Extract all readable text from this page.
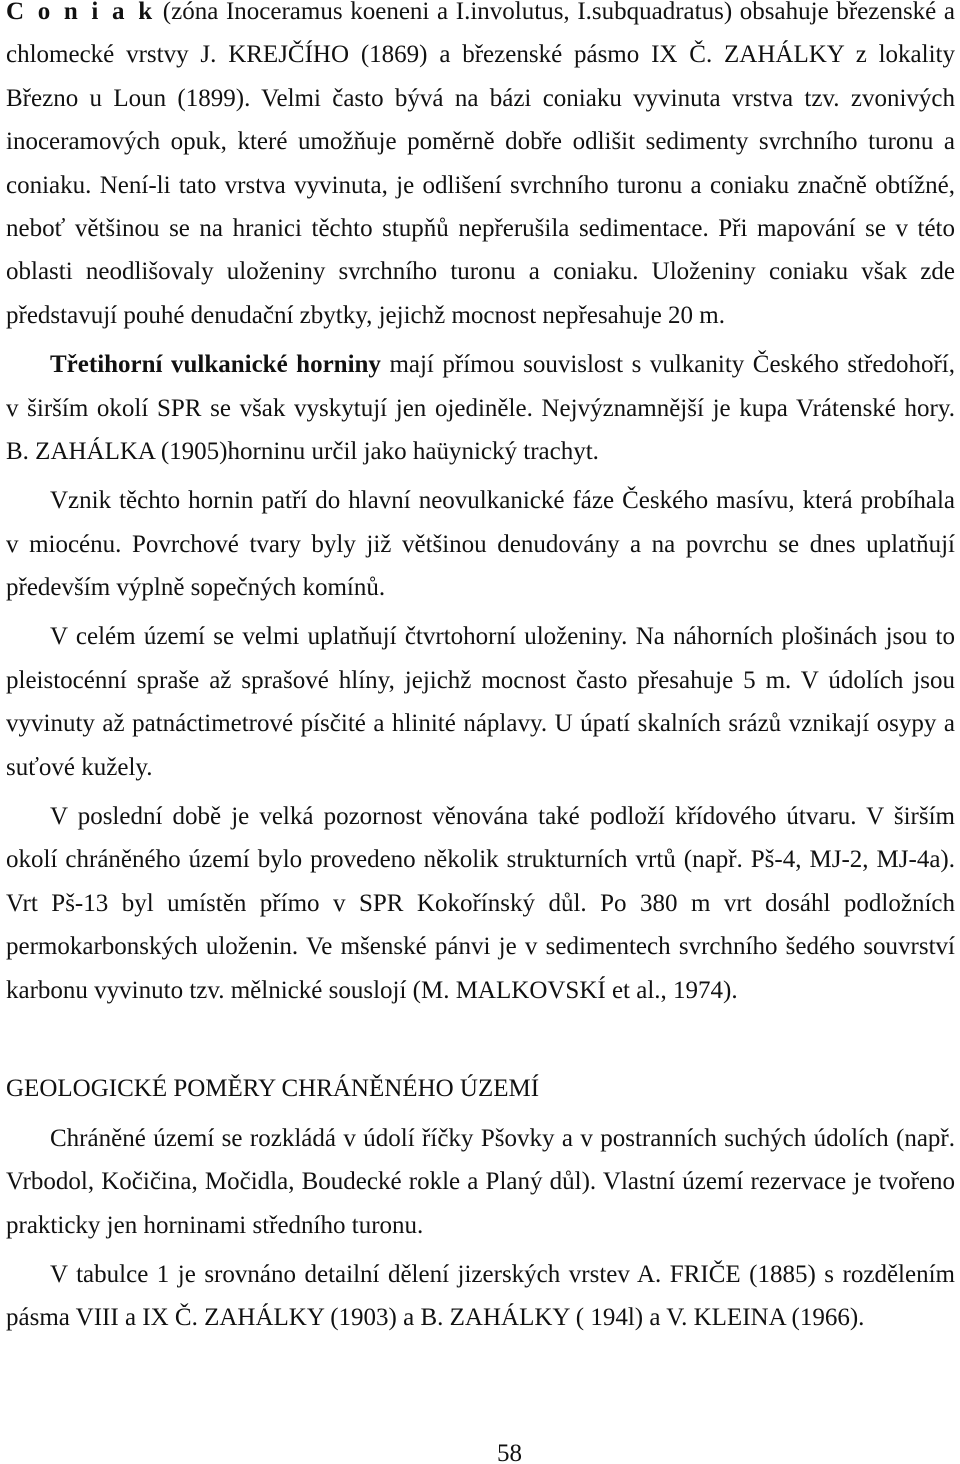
C o n i a k (zóna Inoceramus koeneni a I.involutus, I.subquadratus) obsahuje březenské a
chlomecké vrstvy J. KREJČÍHO (1869) a březenské pásmo IX Č. ZAHÁLKY z lokality
Březno u Loun (1899). Velmi často bývá na bázi coniaku vyvinuta vrstva tzv. zvonivých
inoceramových opuk, které umožňuje poměrně dobře odlišit sedimenty svrchního turonu a
coniaku. Není-li tato vrstva vyvinuta, je odlišení svrchního turonu a coniaku značně obtížné,
neboť většinou se na hranici těchto stupňů nepřerušila sedimentace. Při mapování se v této
oblasti neodlišovaly uloženiny svrchního turonu a coniaku. Uloženiny coniaku však zde
představují pouhé denudační zbytky, jejichž mocnost nepřesahuje 20 m.
Třetihorní vulkanické horniny mají přímou souvislost s vulkanity Českého středohoří,
v širším okolí SPR se však vyskytují jen ojediněle. Nejvýznamnější je kupa Vrátenské hory.
B. ZAHÁLKA (1905)horninu určil jako haüynický trachyt.
Vznik těchto hornin patří do hlavní neovulkanické fáze Českého masívu, která probíhala
v miocénu. Povrchové tvary byly již většinou denudovány a na povrchu se dnes uplatňují
především výplně sopečných komínů.
V celém území se velmi uplatňují čtvrtohorní uloženiny. Na náhorních plošinách jsou to
pleistocénní spraše až sprašové hlíny, jejichž mocnost často přesahuje 5 m. V údolích jsou
vyvinuty až patnáctimetrové písčité a hlinité náplavy. U úpatí skalních srázů vznikají osypy a
suťové kužely.
V poslední době je velká pozornost věnována také podloží křídového útvaru. V širším
okolí chráněného území bylo provedeno několik strukturních vrtů (např. Pš-4, MJ-2, MJ-4a).
Vrt Pš-13 byl umístěn přímo v SPR Kokořínský důl. Po 380 m vrt dosáhl podložních
permokarbonských uloženin. Ve mšenské pánvi je v sedimentech svrchního šedého souvrství
karbonu vyvinuto tzv. mělnické souslojí (M. MALKOVSKÍ et al., 1974).
GEOLOGICKÉ POMĚRY CHRÁNĚNÉHO ÚZEMÍ
Chráněné území se rozkládá v údolí říčky Pšovky a v postranních suchých údolích (např.
Vrbodol, Kočičina, Močidla, Boudecké rokle a Planý důl). Vlastní území rezervace je tvořeno
prakticky jen horninami středního turonu.
V tabulce 1 je srovnáno detailní dělení jizerských vrstev A. FRIČE (1885) s rozdělením
pásma VIII a IX Č. ZAHÁLKY (1903) a B. ZAHÁLKY ( 194l) a V. KLEINA (1966).
58
